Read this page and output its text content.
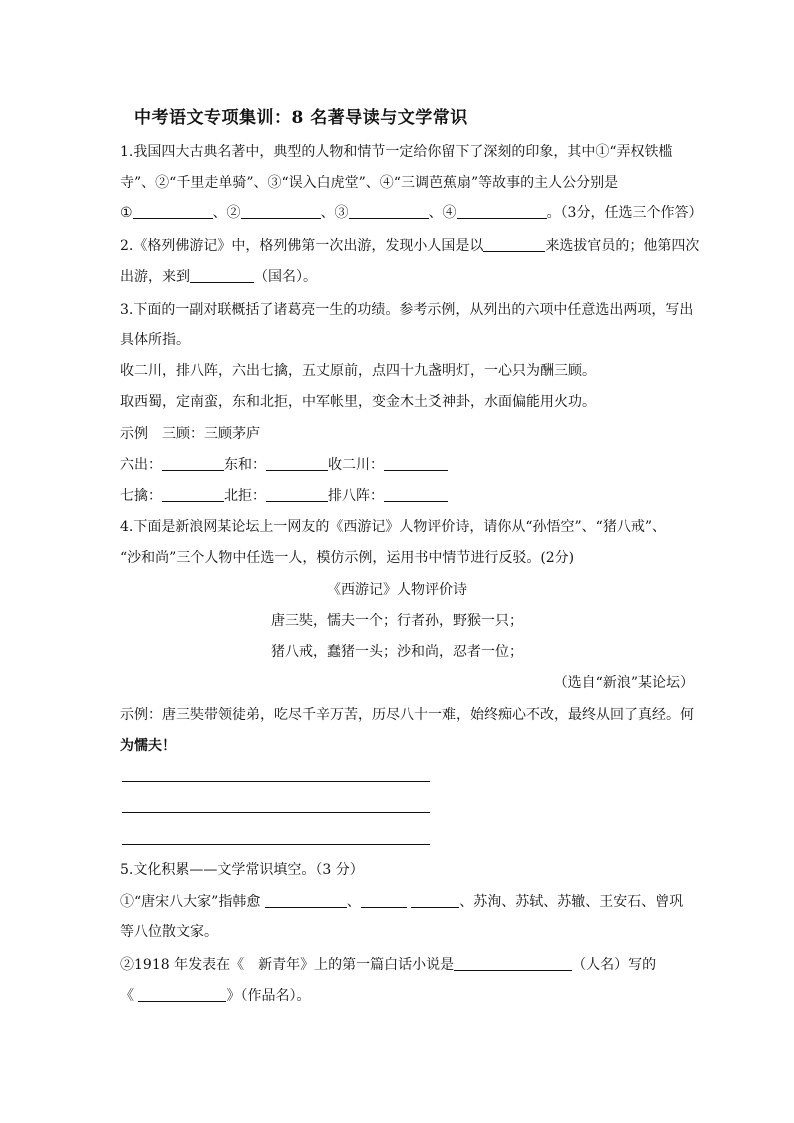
中考语文专项集训：8 名著导读与文学常识
1.我国四大古典名著中，典型的人物和情节一定给你留下了深刻的印象，其中①“弄权铁槛
寺”、②“千里走单骑”、③“误入白虎堂”、④“三调芭蕉扇”等故事的主人公分别是
①	、②	、③	、④	。（3分，任选三个作答）
2.《格列佛游记》中，格列佛第一次出游，发现小人国是以	来选拔官员的；他第四次
出游，来到	（国名）。
3.下面的一副对联概括了诸葛亮一生的功绩。参考示例，从列出的六项中任意选出两项，写出
具体所指。
收二川，排八阵，六出七擒，五丈原前，点四十九盏明灯，一心只为酬三顾。
取西蜀，定南蛮，东和北拒，中军帐里，变金木土爻神卦，水面偏能用火功。
示例　三顾：三顾茅庐
六出：	东和：	收二川：
七擒：	北拒：	排八阵：
4.下面是新浪网某论坛上一网友的《西游记》人物评价诗，请你从“孙悟空”、“猪八戒”、
“沙和尚”三个人物中任选一人，模仿示例，运用书中情节进行反驳。(2分)
《西游记》人物评价诗
唐三奘，懦夫一个；行者孙，野猴一只；
猪八戒，蠢猪一头；沙和尚，忍者一位；
（选自“新浪”某论坛）
示例：唐三奘带领徒弟，吃尽千辛万苦，历尽八十一难，始终痴心不改，最终从回了真经。何
为懦夫！
5.文化积累——文学常识填空。（3 分）
①“唐宋八大家”指韩愈	、	、苏洵、苏轼、苏辙、王安石、曾巩
等八位散文家。
②1918 年发表在《　新青年》上的第一篇白话小说是	（人名）写的
《	》（作品名）。
